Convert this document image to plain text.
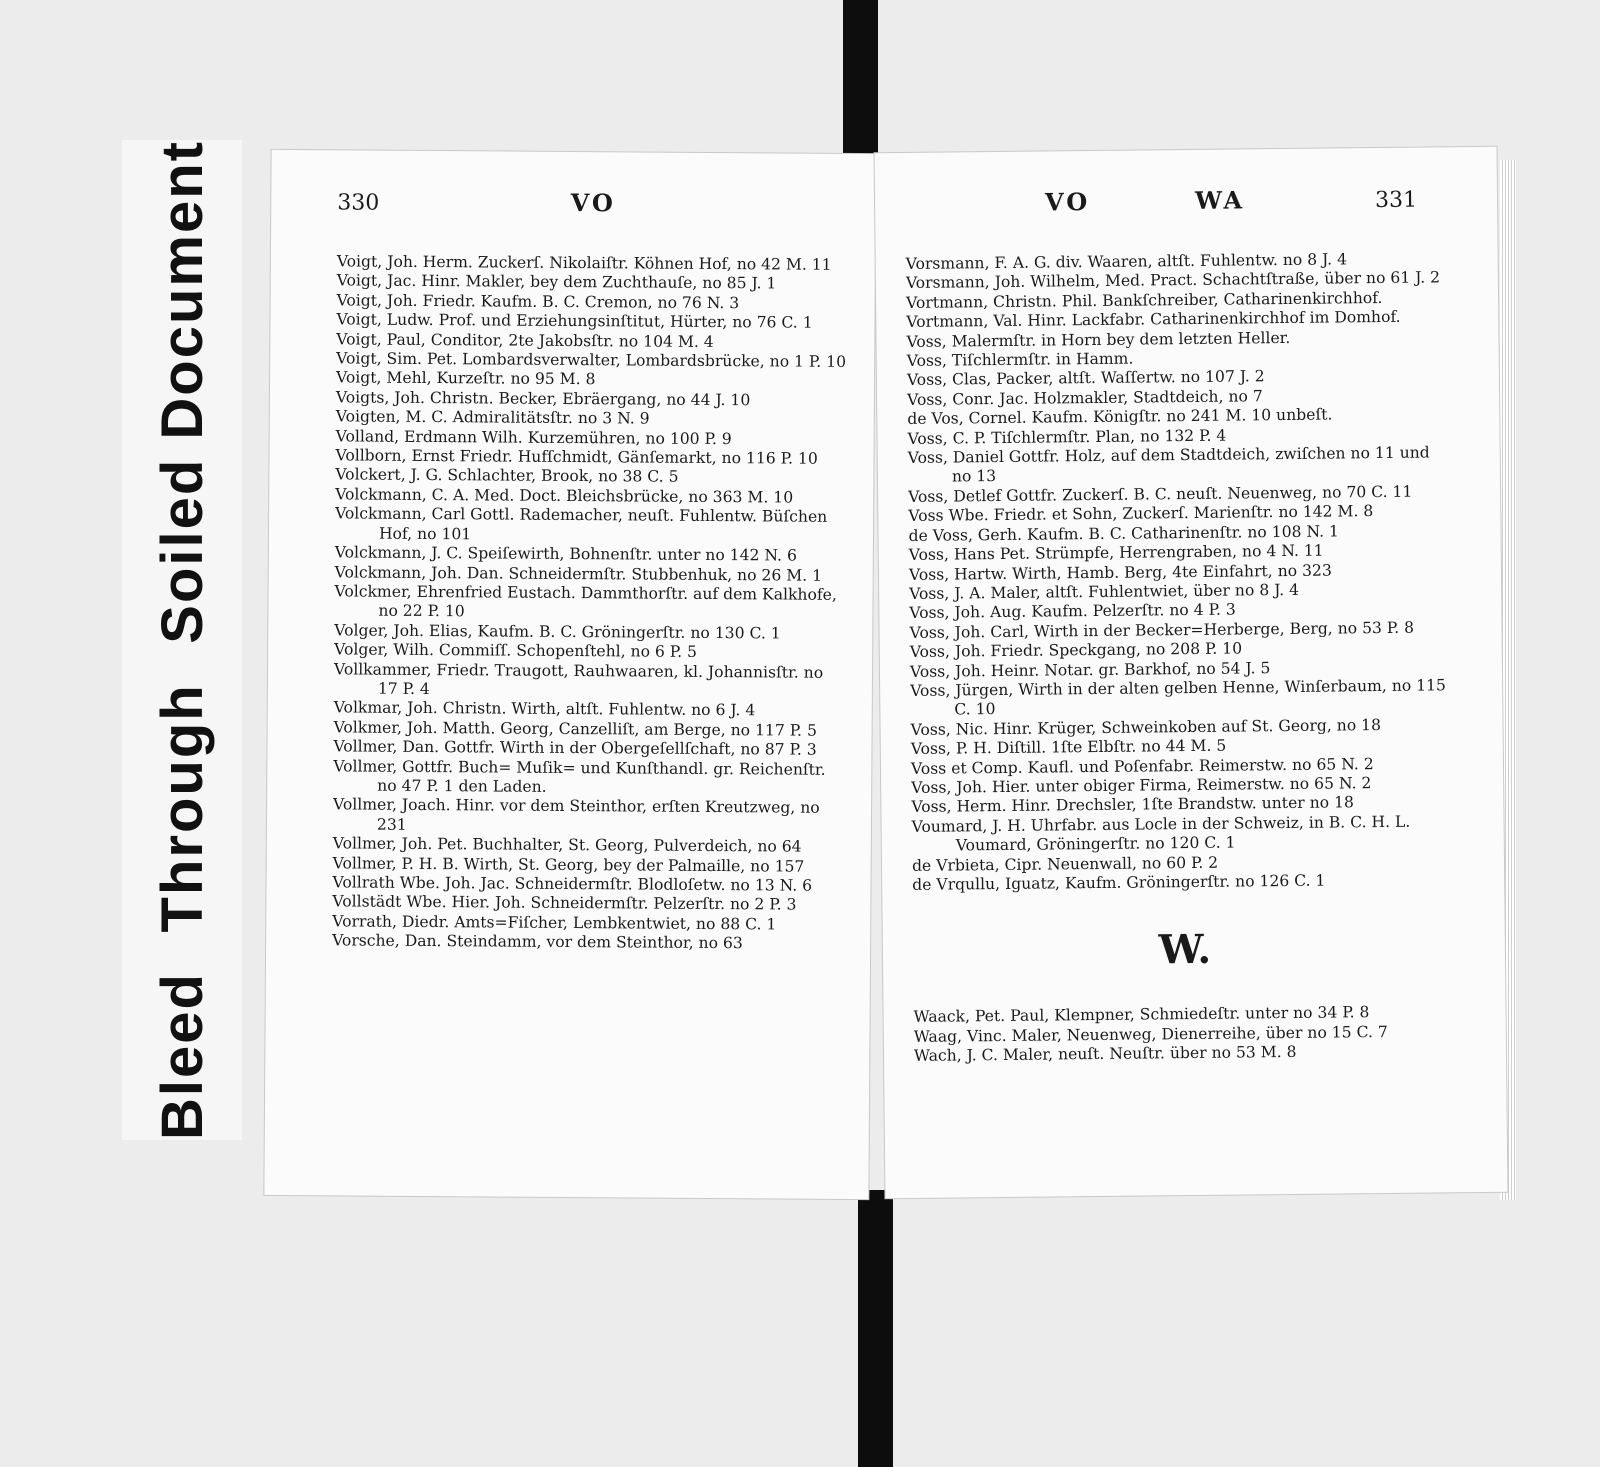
Bleed
Through
Soiled Document	330	VO

Voigt, Joh. Herm. Zuckerſ. Nikolaiſtr. Köhnen Hof, no 42 M. 11

Voigt, Jac. Hinr. Makler, bey dem Zuchthauſe, no 85 J. 1

Voigt, Joh. Friedr. Kaufm. B. C. Cremon, no 76 N. 3

Voigt, Ludw. Prof. und Erziehungsinſtitut, Hürter, no 76 C. 1

Voigt, Paul, Conditor, 2te Jakobsſtr. no 104 M. 4

Voigt, Sim. Pet. Lombardsverwalter, Lombardsbrücke, no 1 P. 10

Voigt, Mehl, Kurzeſtr. no 95 M. 8

Voigts, Joh. Christn. Becker, Ebräergang, no 44 J. 10

Voigten, M. C. Admiralitätsſtr. no 3 N. 9

Volland, Erdmann Wilh. Kurzemühren, no 100 P. 9

Vollborn, Ernst Friedr. Hufſchmidt, Gänſemarkt, no 116 P. 10

Volckert, J. G. Schlachter, Brook, no 38 C. 5

Volckmann, C. A. Med. Doct. Bleichsbrücke, no 363 M. 10

Volckmann, Carl Gottl. Rademacher, neuſt. Fuhlentw. Büſchen Hof, no 101

Volckmann, J. C. Speiſewirth, Bohnenſtr. unter no 142 N. 6

Volckmann, Joh. Dan. Schneidermſtr. Stubbenhuk, no 26 M. 1

Volckmer, Ehrenfried Eustach. Dammthorſtr. auf dem Kalkhofe, no 22 P. 10

Volger, Joh. Elias, Kaufm. B. C. Gröningerſtr. no 130 C. 1

Volger, Wilh. Commiſſ. Schopenſtehl, no 6 P. 5

Vollkammer, Friedr. Traugott, Rauhwaaren, kl. Johannisſtr. no 17 P. 4

Volkmar, Joh. Christn. Wirth, altſt. Fuhlentw. no 6 J. 4

Volkmer, Joh. Matth. Georg, Canzelliſt, am Berge, no 117 P. 5

Vollmer, Dan. Gottfr. Wirth in der Obergeſellſchaft, no 87 P. 3

Vollmer, Gottfr. Buch= Muſik= und Kunſthandl. gr. Reichenſtr. no 47 P. 1 den Laden.

Vollmer, Joach. Hinr. vor dem Steinthor, erſten Kreutzweg, no 231

Vollmer, Joh. Pet. Buchhalter, St. Georg, Pulverdeich, no 64

Vollmer, P. H. B. Wirth, St. Georg, bey der Palmaille, no 157

Vollrath Wbe. Joh. Jac. Schneidermſtr. Blodloſetw. no 13 N. 6

Vollstädt Wbe. Hier. Joh. Schneidermſtr. Pelzerſtr. no 2 P. 3

Vorrath, Diedr. Amts=Fiſcher, Lembkentwiet, no 88 C. 1

Vorsche, Dan. Steindamm, vor dem Steinthor, no 63

VO	WA	331

Vorsmann, F. A. G. div. Waaren, altſt. Fuhlentw. no 8 J. 4

Vorsmann, Joh. Wilhelm, Med. Pract. Schachtſtraße, über no 61 J. 2

Vortmann, Christn. Phil. Bankſchreiber, Catharinenkirchhof.

Vortmann, Val. Hinr. Lackfabr. Catharinenkirchhof im Domhof.

Voss, Malermſtr. in Horn bey dem letzten Heller.

Voss, Tiſchlermſtr. in Hamm.

Voss, Clas, Packer, altſt. Waſſertw. no 107 J. 2

Voss, Conr. Jac. Holzmakler, Stadtdeich, no 7

de Vos, Cornel. Kaufm. Königſtr. no 241 M. 10 unbeſt.

Voss, C. P. Tiſchlermſtr. Plan, no 132 P. 4

Voss, Daniel Gottfr. Holz, auf dem Stadtdeich, zwiſchen no 11 und no 13

Voss, Detlef Gottfr. Zuckerſ. B. C. neuſt. Neuenweg, no 70 C. 11

Voss Wbe. Friedr. et Sohn, Zuckerſ. Marienſtr. no 142 M. 8

de Voss, Gerh. Kaufm. B. C. Catharinenſtr. no 108 N. 1

Voss, Hans Pet. Strümpfe, Herrengraben, no 4 N. 11

Voss, Hartw. Wirth, Hamb. Berg, 4te Einfahrt, no 323

Voss, J. A. Maler, altſt. Fuhlentwiet, über no 8 J. 4

Voss, Joh. Aug. Kaufm. Pelzerſtr. no 4 P. 3

Voss, Joh. Carl, Wirth in der Becker=Herberge, Berg, no 53 P. 8

Voss, Joh. Friedr. Speckgang, no 208 P. 10

Voss, Joh. Heinr. Notar. gr. Barkhof, no 54 J. 5

Voss, Jürgen, Wirth in der alten gelben Henne, Winſerbaum, no 115 C. 10

Voss, Nic. Hinr. Krüger, Schweinkoben auf St. Georg, no 18

Voss, P. H. Diſtill. 1ſte Elbſtr. no 44 M. 5

Voss et Comp. Kaufl. und Poſenfabr. Reimerstw. no 65 N. 2

Voss, Joh. Hier. unter obiger Firma, Reimerstw. no 65 N. 2

Voss, Herm. Hinr. Drechsler, 1ſte Brandstw. unter no 18

Voumard, J. H. Uhrfabr. aus Locle in der Schweiz, in B. C. H. L. Voumard, Gröningerſtr. no 120 C. 1

de Vrbieta, Cipr. Neuenwall, no 60 P. 2

de Vrqullu, Iguatz, Kaufm. Gröningerſtr. no 126 C. 1

W.

Waack, Pet. Paul, Klempner, Schmiedeſtr. unter no 34 P. 8

Waag, Vinc. Maler, Neuenweg, Dienerreihe, über no 15 C. 7

Wach, J. C. Maler, neuſt. Neuſtr. über no 53 M. 8
